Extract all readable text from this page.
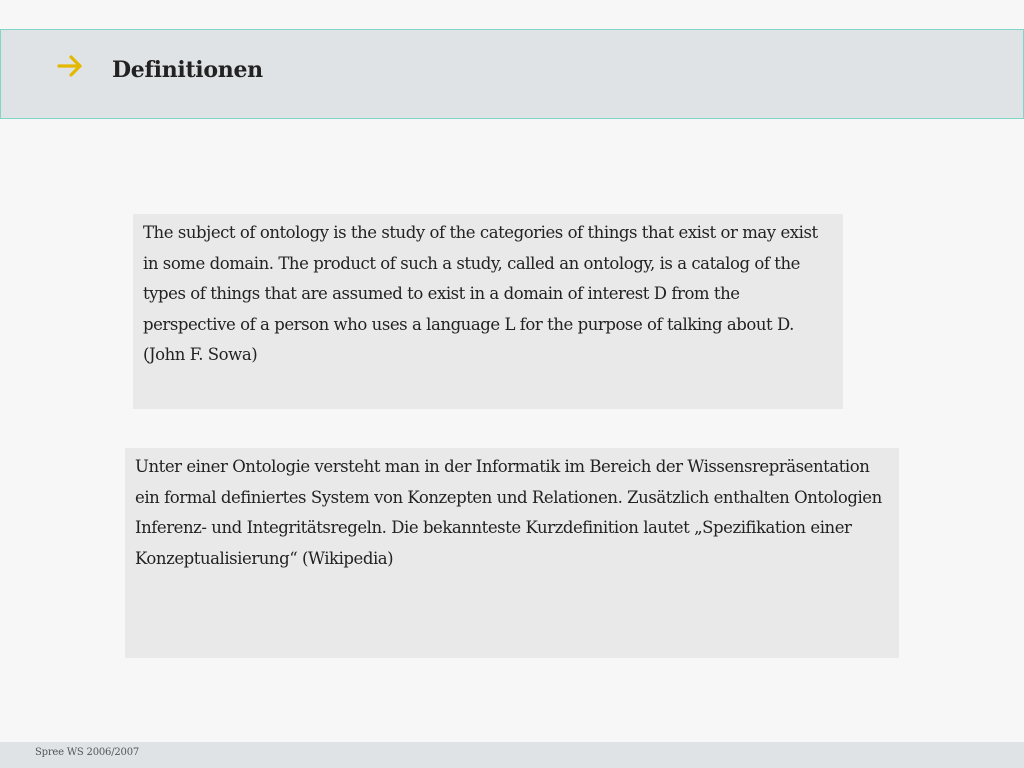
Definitionen
The subject of ontology is the study of the categories of things that exist or may exist in some domain. The product of such a study, called an ontology, is a catalog of the types of things that are assumed to exist in a domain of interest D from the perspective of a person who uses a language L for the purpose of talking about D. (John F. Sowa)
Unter einer Ontologie versteht man in der Informatik im Bereich der Wissensrepräsentation ein formal definiertes System von Konzepten und Relationen. Zusätzlich enthalten Ontologien Inferenz- und Integritätsregeln. Die bekannteste Kurzdefinition lautet „Spezifikation einer Konzeptualisierung“ (Wikipedia)
Spree WS 2006/2007
